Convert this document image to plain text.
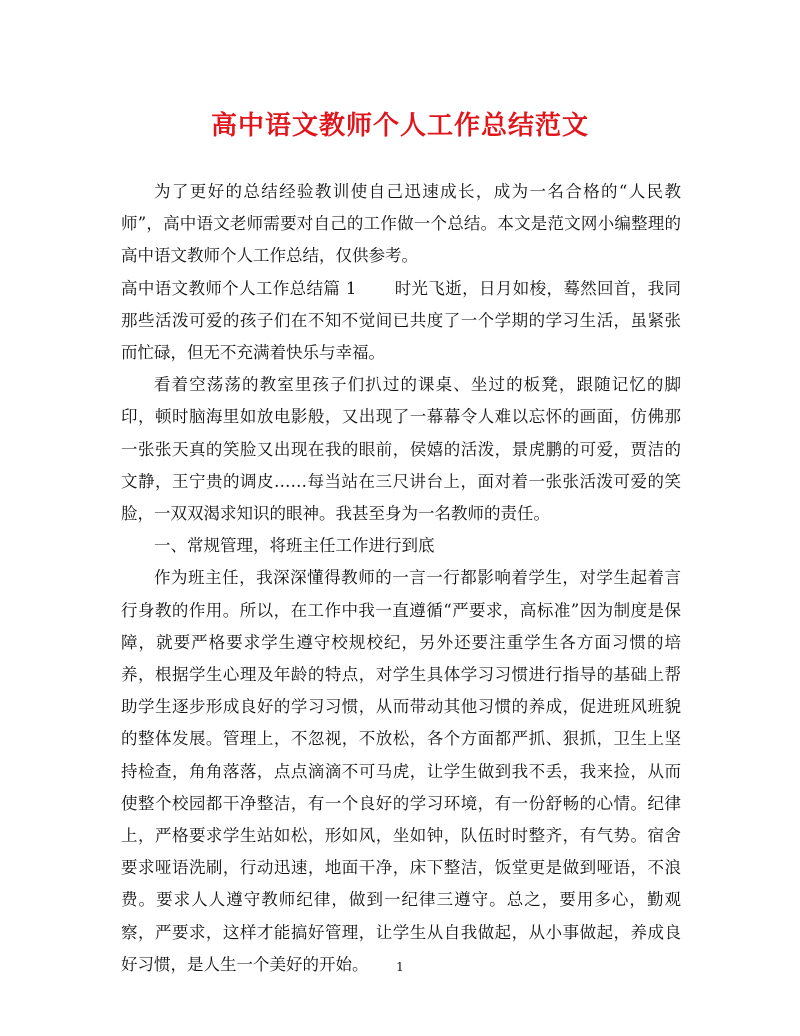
高中语文教师个人工作总结范文

为了更好的总结经验教训使自己迅速成长，成为一名合格的“人民教师”，高中语文老师需要对自己的工作做一个总结。本文是范文网小编整理的高中语文教师个人工作总结，仅供参考。

高中语文教师个人工作总结篇 1 时光飞逝，日月如梭，蓦然回首，我同那些活泼可爱的孩子们在不知不觉间已共度了一个学期的学习生活，虽紧张而忙碌，但无不充满着快乐与幸福。

看着空荡荡的教室里孩子们扒过的课桌、坐过的板凳，跟随记忆的脚印，顿时脑海里如放电影般，又出现了一幕幕令人难以忘怀的画面，仿佛那一张张天真的笑脸又出现在我的眼前，侯嬉的活泼，景虎鹏的可爱，贾洁的文静，王宁贵的调皮……每当站在三尺讲台上，面对着一张张活泼可爱的笑脸，一双双渴求知识的眼神。我甚至身为一名教师的责任。

一、常规管理，将班主任工作进行到底

作为班主任，我深深懂得教师的一言一行都影响着学生，对学生起着言行身教的作用。所以，在工作中我一直遵循“严要求，高标准”因为制度是保障，就要严格要求学生遵守校规校纪，另外还要注重学生各方面习惯的培养，根据学生心理及年龄的特点，对学生具体学习习惯进行指导的基础上帮助学生逐步形成良好的学习习惯，从而带动其他习惯的养成，促进班风班貌的整体发展。管理上，不忽视，不放松，各个方面都严抓、狠抓，卫生上坚持检查，角角落落，点点滴滴不可马虎，让学生做到我不丢，我来捡，从而使整个校园都干净整洁，有一个良好的学习环境，有一份舒畅的心情。纪律上，严格要求学生站如松，形如风，坐如钟，队伍时时整齐，有气势。宿舍要求哑语洗刷，行动迅速，地面干净，床下整洁，饭堂更是做到哑语，不浪费。要求人人遵守教师纪律，做到一纪律三遵守。总之，要用多心，勤观察，严要求，这样才能搞好管理，让学生从自我做起，从小事做起，养成良好习惯，是人生一个美好的开始。	1
